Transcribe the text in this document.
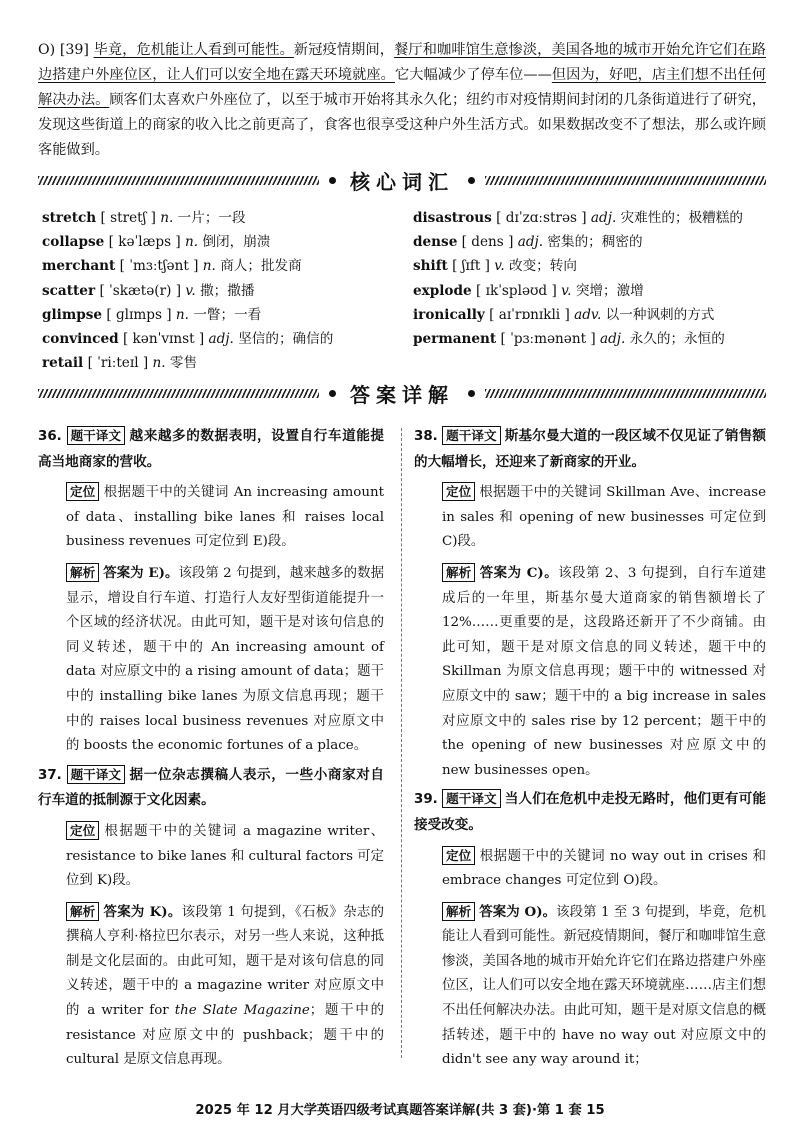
O) [39] 毕竟，危机能让人看到可能性。新冠疫情期间，餐厅和咖啡馆生意惨淡，美国各地的城市开始允许它们在路边搭建户外座位区，让人们可以安全地在露天环境就座。它大幅减少了停车位——但因为，好吧，店主们想不出任何解决办法。顾客们太喜欢户外座位了，以至于城市开始将其永久化；纽约市对疫情期间封闭的几条街道进行了研究，发现这些街道上的商家的收入比之前更高了，食客也很享受这种户外生活方式。如果数据改变不了想法，那么或许顾客能做到。
核心词汇
stretch [ stretʃ ] n. 一片；一段
collapse [ kəˈlæps ] n. 倒闭，崩溃
merchant [ ˈmɜːtʃənt ] n. 商人；批发商
scatter [ ˈskætə(r) ] v. 撒；撒播
glimpse [ ɡlɪmps ] n. 一瞥；一看
convinced [ kənˈvɪnst ] adj. 坚信的；确信的
retail [ ˈriːteɪl ] n. 零售
disastrous [ dɪˈzɑːstrəs ] adj. 灾难性的；极糟糕的
dense [ dens ] adj. 密集的；稠密的
shift [ ʃɪft ] v. 改变；转向
explode [ ɪkˈspləʊd ] v. 突增；激增
ironically [ aɪˈrɒnɪkli ] adv. 以一种讽刺的方式
permanent [ ˈpɜːmənənt ] adj. 永久的；永恒的
答案详解

36. 题干译文 越来越多的数据表明，设置自行车道能提高当地商家的营收。

定位 根据题干中的关键词 An increasing amount of data、installing bike lanes 和 raises local business revenues 可定位到 E)段。

解析 答案为 E)。该段第 2 句提到，越来越多的数据显示，增设自行车道、打造行人友好型街道能提升一个区域的经济状况。由此可知，题干是对该句信息的同义转述，题干中的 An increasing amount of data 对应原文中的 a rising amount of data；题干中的 installing bike lanes 为原文信息再现；题干中的 raises local business revenues 对应原文中的 boosts the economic fortunes of a place。

37. 题干译文 据一位杂志撰稿人表示，一些小商家对自行车道的抵制源于文化因素。

定位 根据题干中的关键词 a magazine writer、resistance to bike lanes 和 cultural factors 可定位到 K)段。

解析 答案为 K)。该段第 1 句提到，《石板》杂志的撰稿人亨利·格拉巴尔表示，对另一些人来说，这种抵制是文化层面的。由此可知，题干是对该句信息的同义转述，题干中的 a magazine writer 对应原文中的 a writer for the Slate Magazine；题干中的 resistance 对应原文中的 pushback；题干中的 cultural 是原文信息再现。

38. 题干译文 斯基尔曼大道的一段区域不仅见证了销售额的大幅增长，还迎来了新商家的开业。

定位 根据题干中的关键词 Skillman Ave、increase in sales 和 opening of new businesses 可定位到 C)段。

解析 答案为 C)。该段第 2、3 句提到，自行车道建成后的一年里，斯基尔曼大道商家的销售额增长了 12%……更重要的是，这段路还新开了不少商铺。由此可知，题干是对原文信息的同义转述，题干中的 Skillman 为原文信息再现；题干中的 witnessed 对应原文中的 saw；题干中的 a big increase in sales 对应原文中的 sales rise by 12 percent；题干中的 the opening of new businesses 对应原文中的 new businesses open。

39. 题干译文 当人们在危机中走投无路时，他们更有可能接受改变。

定位 根据题干中的关键词 no way out in crises 和 embrace changes 可定位到 O)段。

解析 答案为 O)。该段第 1 至 3 句提到，毕竟，危机能让人看到可能性。新冠疫情期间，餐厅和咖啡馆生意惨淡，美国各地的城市开始允许它们在路边搭建户外座位区，让人们可以安全地在露天环境就座……店主们想不出任何解决办法。由此可知，题干是对原文信息的概括转述，题干中的 have no way out 对应原文中的 didn't see any way around it；

2025 年 12 月大学英语四级考试真题答案详解(共 3 套)·第 1 套 15
